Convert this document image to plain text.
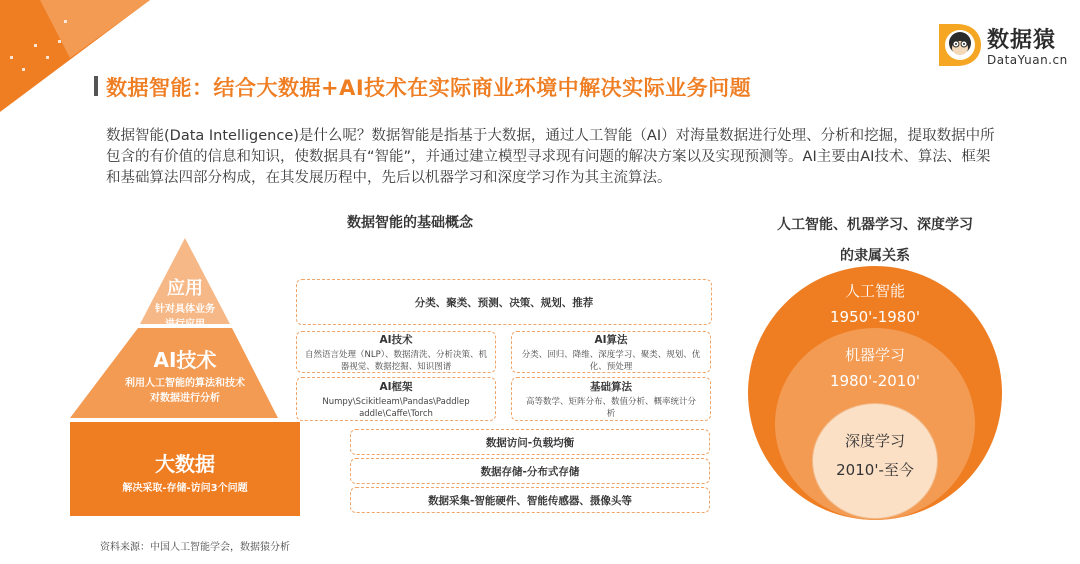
数据猿
DataYuan.cn
数据智能：结合大数据+AI技术在实际商业环境中解决实际业务问题
数据智能(Data Intelligence)是什么呢？数据智能是指基于大数据，通过人工智能（AI）对海量数据进行处理、分析和挖掘，提取数据中所包含的有价值的信息和知识，使数据具有“智能”，并通过建立模型寻求现有问题的解决方案以及实现预测等。AI主要由AI技术、算法、框架和基础算法四部分构成，在其发展历程中，先后以机器学习和深度学习作为其主流算法。
数据智能的基础概念	人工智能、机器学习、深度学习
的隶属关系
应用
针对具体业务
进行应用
AI技术
利用人工智能的算法和技术
对数据进行分析
大数据
解决采取-存储-访问3个问题
分类、聚类、预测、决策、规划、推荐
AI技术
自然语言处理（NLP）、数据清洗、分析决策、机器视觉、数据挖掘、知识图谱
AI算法
分类、回归、降维、深度学习、聚类、规划、优化、预处理
AI框架
Numpy\Scikitleam\Pandas\Paddlepaddle\Caffe\Torch
基础算法
高等数学、矩阵分布、数值分析、概率统计分析
数据访问-负载均衡
数据存储-分布式存储
数据采集-智能硬件、智能传感器、摄像头等
人工智能
1950'-1980'
机器学习
1980'-2010'
深度学习
2010'-至今
资料来源：中国人工智能学会，数据猿分析
